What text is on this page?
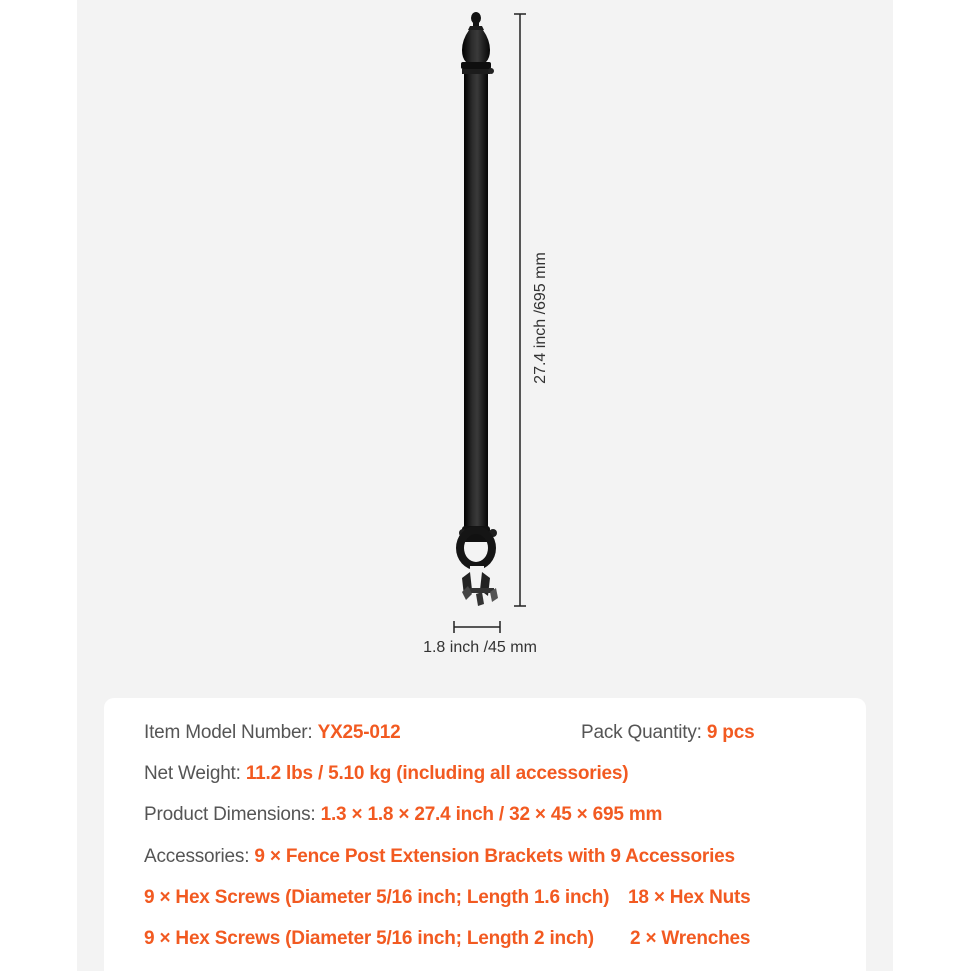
27.4 inch /695 mm
1.8 inch /45 mm
Item Model Number: YX25-012	Pack Quantity: 9 pcs
Net Weight: 11.2 lbs / 5.10 kg (including all accessories)
Product Dimensions: 1.3 × 1.8 × 27.4 inch / 32 × 45 × 695 mm
Accessories: 9 × Fence Post Extension Brackets with 9 Accessories
9 × Hex Screws (Diameter 5/16 inch; Length 1.6 inch) 18 × Hex Nuts
9 × Hex Screws (Diameter 5/16 inch; Length 2 inch) 2 × Wrenches
